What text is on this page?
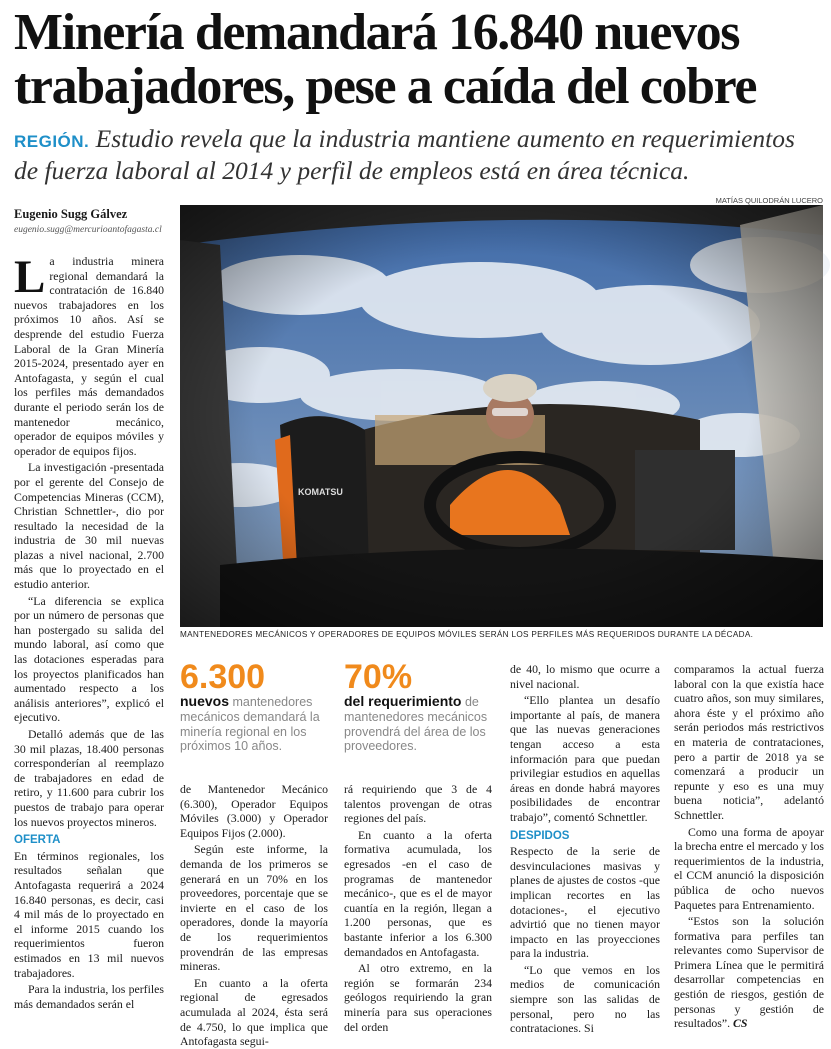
Minería demandará 16.840 nuevos trabajadores, pese a caída del cobre
REGIÓN. Estudio revela que la industria mantiene aumento en requerimientos de fuerza laboral al 2014 y perfil de empleos está en área técnica.
Eugenio Sugg Gálvez
eugenio.sugg@mercurioantofagasta.cl
MATÍAS QUILODRÁN LUCERO
MANTENEDORES MECÁNICOS Y OPERADORES DE EQUIPOS MÓVILES SERÁN LOS PERFILES MÁS REQUERIDOS DURANTE LA DÉCADA.
6.300
nuevos mantenedores mecánicos demandará la minería regional en los próximos 10 años.
70%
del requerimiento de mantenedores mecánicos provendrá del área de los proveedores.

La industria minera regional demandará la contratación de 16.840 nuevos trabajadores en los próximos 10 años. Así se desprende del estudio Fuerza Laboral de la Gran Minería 2015-2024, presentado ayer en Antofagasta, y según el cual los perfiles más demandados durante el periodo serán los de mantenedor mecánico, operador de equipos móviles y operador de equipos fijos.

La investigación -presentada por el gerente del Consejo de Competencias Mineras (CCM), Christian Schnettler-, dio por resultado la necesidad de la industria de 30 mil nuevas plazas a nivel nacional, 2.700 más que lo proyectado en el estudio anterior.

“La diferencia se explica por un número de personas que han postergado su salida del mundo laboral, así como que las dotaciones esperadas para los proyectos planificados han aumentado respecto a los análisis anteriores”, explicó el ejecutivo.

Detalló además que de las 30 mil plazas, 18.400 personas corresponderían al reemplazo de trabajadores en edad de retiro, y 11.600 para cubrir los puestos de trabajo para operar los nuevos proyectos mineros.

OFERTA

En términos regionales, los resultados señalan que Antofagasta requerirá a 2024 16.840 personas, es decir, casi 4 mil más de lo proyectado en el informe 2015 cuando los requerimientos fueron estimados en 13 mil nuevos trabajadores.

Para la industria, los perfiles más demandados serán el

de Mantenedor Mecánico (6.300), Operador Equipos Móviles (3.000) y Operador Equipos Fijos (2.000).

Según este informe, la demanda de los primeros se generará en un 70% en los proveedores, porcentaje que se invierte en el caso de los operadores, donde la mayoría de los requerimientos provendrán de las empresas mineras.

En cuanto a la oferta regional de egresados acumulada al 2024, ésta será de 4.750, lo que implica que Antofagasta segui-

rá requiriendo que 3 de 4 talentos provengan de otras regiones del país.

En cuanto a la oferta formativa acumulada, los egresados -en el caso de programas de mantenedor mecánico-, que es el de mayor cuantía en la región, llegan a 1.200 personas, que es bastante inferior a los 6.300 demandados en Antofagasta.

Al otro extremo, en la región se formarán 234 geólogos requiriendo la gran minería para sus operaciones del orden

de 40, lo mismo que ocurre a nivel nacional.

“Ello plantea un desafío importante al país, de manera que las nuevas generaciones tengan acceso a esta información para que puedan privilegiar estudios en aquellas áreas en donde habrá mayores posibilidades de encontrar trabajo”, comentó Schnettler.

DESPIDOS

Respecto de la serie de desvinculaciones masivas y planes de ajustes de costos -que implican recortes en las dotaciones-, el ejecutivo advirtió que no tienen mayor impacto en las proyecciones para la industria.

“Lo que vemos en los medios de comunicación siempre son las salidas de personal, pero no las contrataciones. Si

comparamos la actual fuerza laboral con la que existía hace cuatro años, son muy similares, ahora éste y el próximo año serán periodos más restrictivos en materia de contrataciones, pero a partir de 2018 ya se comenzará a producir un repunte y eso es una muy buena noticia”, adelantó Schnettler.

Como una forma de apoyar la brecha entre el mercado y los requerimientos de la industria, el CCM anunció la disposición pública de ocho nuevos Paquetes para Entrenamiento.

“Estos son la solución formativa para perfiles tan relevantes como Supervisor de Primera Línea que le permitirá desarrollar competencias en gestión de riesgos, gestión de personas y gestión de resultados”. CS
